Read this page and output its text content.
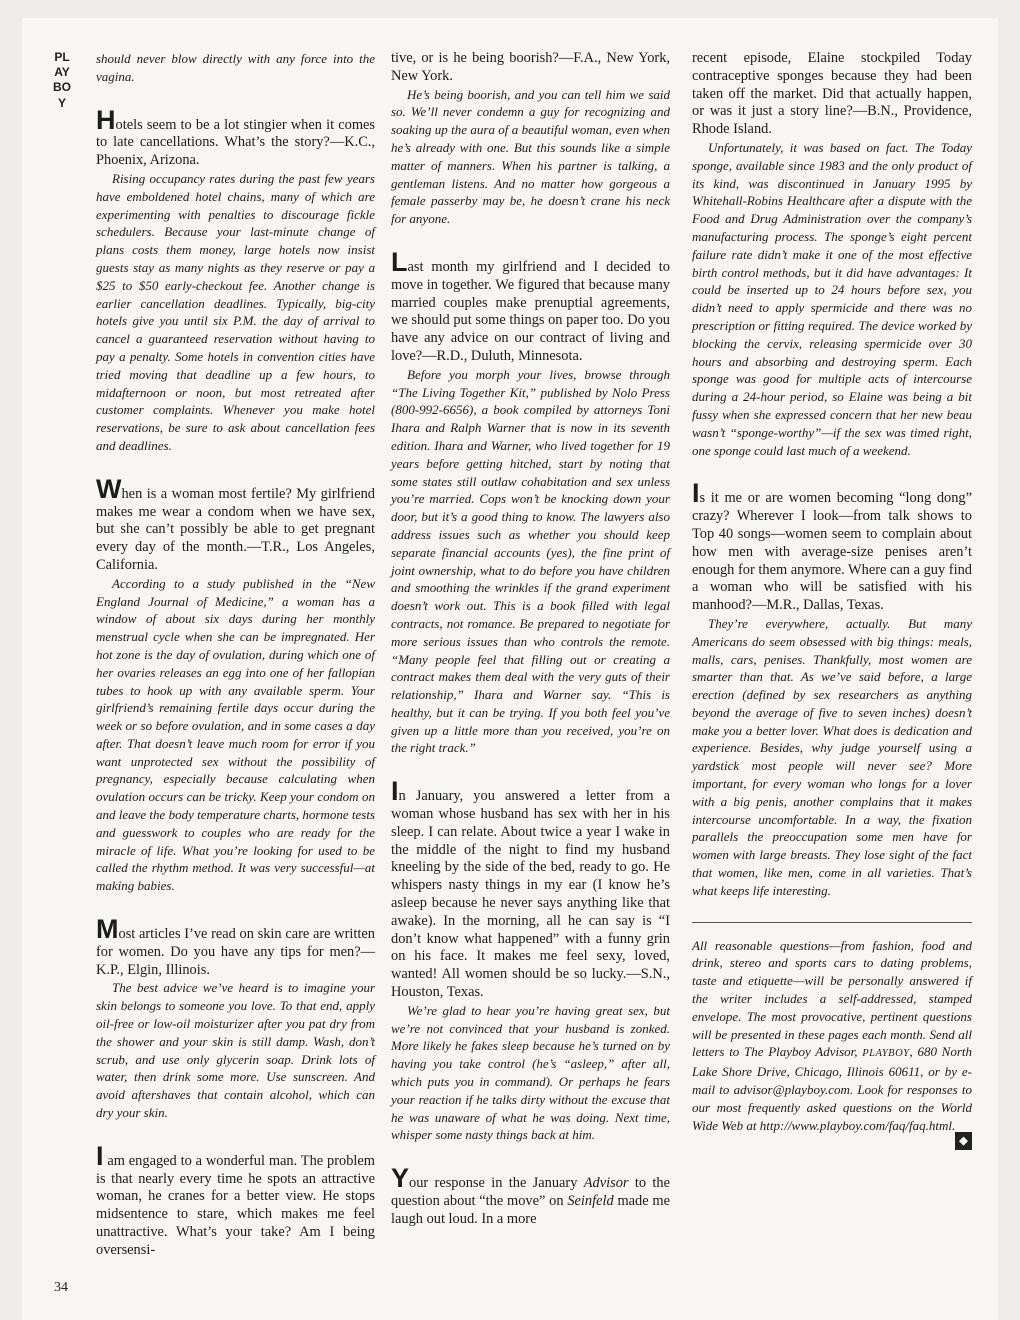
PLAYBOY
34

should never blow directly with any force into the vagina.

Hotels seem to be a lot stingier when it comes to late cancellations. What’s the story?—K.C., Phoenix, Arizona.

Rising occupancy rates during the past few years have emboldened hotel chains, many of which are experimenting with penalties to discourage fickle schedulers. Because your last-minute change of plans costs them money, large hotels now insist guests stay as many nights as they reserve or pay a $25 to $50 early-checkout fee. Another change is earlier cancellation deadlines. Typically, big-city hotels give you until six P.M. the day of arrival to cancel a guaranteed reservation without having to pay a penalty. Some hotels in convention cities have tried moving that deadline up a few hours, to midafternoon or noon, but most retreated after customer complaints. Whenever you make hotel reservations, be sure to ask about cancellation fees and deadlines.

When is a woman most fertile? My girlfriend makes me wear a condom when we have sex, but she can’t possibly be able to get pregnant every day of the month.—T.R., Los Angeles, California.

According to a study published in the “New England Journal of Medicine,” a woman has a window of about six days during her monthly menstrual cycle when she can be impregnated. Her hot zone is the day of ovulation, during which one of her ovaries releases an egg into one of her fallopian tubes to hook up with any available sperm. Your girlfriend’s remaining fertile days occur during the week or so before ovulation, and in some cases a day after. That doesn’t leave much room for error if you want unprotected sex without the possibility of pregnancy, especially because calculating when ovulation occurs can be tricky. Keep your condom on and leave the body temperature charts, hormone tests and guesswork to couples who are ready for the miracle of life. What you’re looking for used to be called the rhythm method. It was very successful—at making babies.

Most articles I’ve read on skin care are written for women. Do you have any tips for men?—K.P., Elgin, Illinois.

The best advice we’ve heard is to imagine your skin belongs to someone you love. To that end, apply oil-free or low-oil moisturizer after you pat dry from the shower and your skin is still damp. Wash, don’t scrub, and use only glycerin soap. Drink lots of water, then drink some more. Use sunscreen. And avoid aftershaves that contain alcohol, which can dry your skin.

I am engaged to a wonderful man. The problem is that nearly every time he spots an attractive woman, he cranes for a better view. He stops midsentence to stare, which makes me feel unattractive. What’s your take? Am I being oversensi-

tive, or is he being boorish?—F.A., New York, New York.

He’s being boorish, and you can tell him we said so. We’ll never condemn a guy for recognizing and soaking up the aura of a beautiful woman, even when he’s already with one. But this sounds like a simple matter of manners. When his partner is talking, a gentleman listens. And no matter how gorgeous a female passerby may be, he doesn’t crane his neck for anyone.

Last month my girlfriend and I decided to move in together. We figured that because many married couples make prenuptial agreements, we should put some things on paper too. Do you have any advice on our contract of living and love?—R.D., Duluth, Minnesota.

Before you morph your lives, browse through “The Living Together Kit,” published by Nolo Press (800-992-6656), a book compiled by attorneys Toni Ihara and Ralph Warner that is now in its seventh edition. Ihara and Warner, who lived together for 19 years before getting hitched, start by noting that some states still outlaw cohabitation and sex unless you’re married. Cops won’t be knocking down your door, but it’s a good thing to know. The lawyers also address issues such as whether you should keep separate financial accounts (yes), the fine print of joint ownership, what to do before you have children and smoothing the wrinkles if the grand experiment doesn’t work out. This is a book filled with legal contracts, not romance. Be prepared to negotiate for more serious issues than who controls the remote. “Many people feel that filling out or creating a contract makes them deal with the very guts of their relationship,” Ihara and Warner say. “This is healthy, but it can be trying. If you both feel you’ve given up a little more than you received, you’re on the right track.”

In January, you answered a letter from a woman whose husband has sex with her in his sleep. I can relate. About twice a year I wake in the middle of the night to find my husband kneeling by the side of the bed, ready to go. He whispers nasty things in my ear (I know he’s asleep because he never says anything like that awake). In the morning, all he can say is “I don’t know what happened” with a funny grin on his face. It makes me feel sexy, loved, wanted! All women should be so lucky.—S.N., Houston, Texas.

We’re glad to hear you’re having great sex, but we’re not convinced that your husband is zonked. More likely he fakes sleep because he’s turned on by having you take control (he’s “asleep,” after all, which puts you in command). Or perhaps he fears your reaction if he talks dirty without the excuse that he was unaware of what he was doing. Next time, whisper some nasty things back at him.

Your response in the January Advisor to the question about “the move” on Seinfeld made me laugh out loud. In a more

recent episode, Elaine stockpiled Today contraceptive sponges because they had been taken off the market. Did that actually happen, or was it just a story line?—B.N., Providence, Rhode Island.

Unfortunately, it was based on fact. The Today sponge, available since 1983 and the only product of its kind, was discontinued in January 1995 by Whitehall-Robins Healthcare after a dispute with the Food and Drug Administration over the company’s manufacturing process. The sponge’s eight percent failure rate didn’t make it one of the most effective birth control methods, but it did have advantages: It could be inserted up to 24 hours before sex, you didn’t need to apply spermicide and there was no prescription or fitting required. The device worked by blocking the cervix, releasing spermicide over 30 hours and absorbing and destroying sperm. Each sponge was good for multiple acts of intercourse during a 24-hour period, so Elaine was being a bit fussy when she expressed concern that her new beau wasn’t “sponge-worthy”—if the sex was timed right, one sponge could last much of a weekend.

Is it me or are women becoming “long dong” crazy? Wherever I look—from talk shows to Top 40 songs—women seem to complain about how men with average-size penises aren’t enough for them anymore. Where can a guy find a woman who will be satisfied with his manhood?—M.R., Dallas, Texas.

They’re everywhere, actually. But many Americans do seem obsessed with big things: meals, malls, cars, penises. Thankfully, most women are smarter than that. As we’ve said before, a large erection (defined by sex researchers as anything beyond the average of five to seven inches) doesn’t make you a better lover. What does is dedication and experience. Besides, why judge yourself using a yardstick most people will never see? More important, for every woman who longs for a lover with a big penis, another complains that it makes intercourse uncomfortable. In a way, the fixation parallels the preoccupation some men have for women with large breasts. They lose sight of the fact that women, like men, come in all varieties. That’s what keeps life interesting.

All reasonable questions—from fashion, food and drink, stereo and sports cars to dating problems, taste and etiquette—will be personally answered if the writer includes a self-addressed, stamped envelope. The most provocative, pertinent questions will be presented in these pages each month. Send all letters to The Playboy Advisor, PLAYBOY, 680 North Lake Shore Drive, Chicago, Illinois 60611, or by e-mail to advisor@playboy.com. Look for responses to our most frequently asked questions on the World Wide Web at http://www.playboy.com/faq/faq.html.

◆
